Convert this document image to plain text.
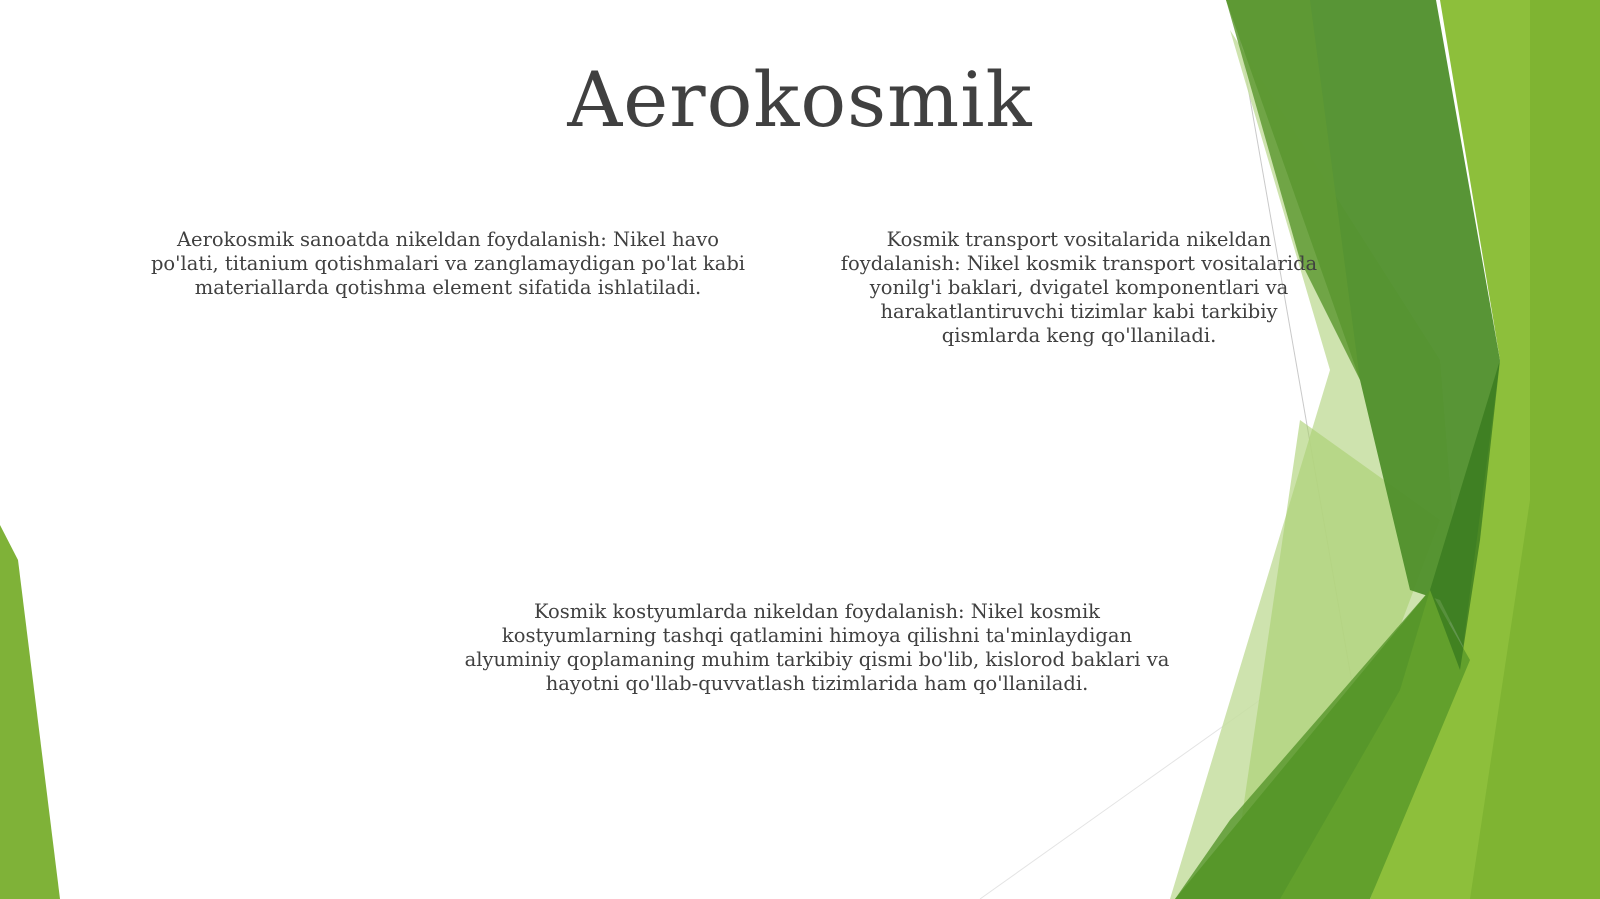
Aerokosmik
Aerokosmik sanoatda nikeldan foydalanish: Nikel havo po'lati, titanium qotishmalari va zanglamaydigan po'lat kabi materiallarda qotishma element sifatida ishlatiladi.
Kosmik transport vositalarida nikeldan foydalanish: Nikel kosmik transport vositalarida yonilg'i baklari, dvigatel komponentlari va harakatlantiruvchi tizimlar kabi tarkibiy qismlarda keng qo'llaniladi.
Kosmik kostyumlarda nikeldan foydalanish: Nikel kosmik kostyumlarning tashqi qatlamini himoya qilishni ta'minlaydigan alyuminiy qoplamaning muhim tarkibiy qismi bo'lib, kislorod baklari va hayotni qo'llab-quvvatlash tizimlarida ham qo'llaniladi.
